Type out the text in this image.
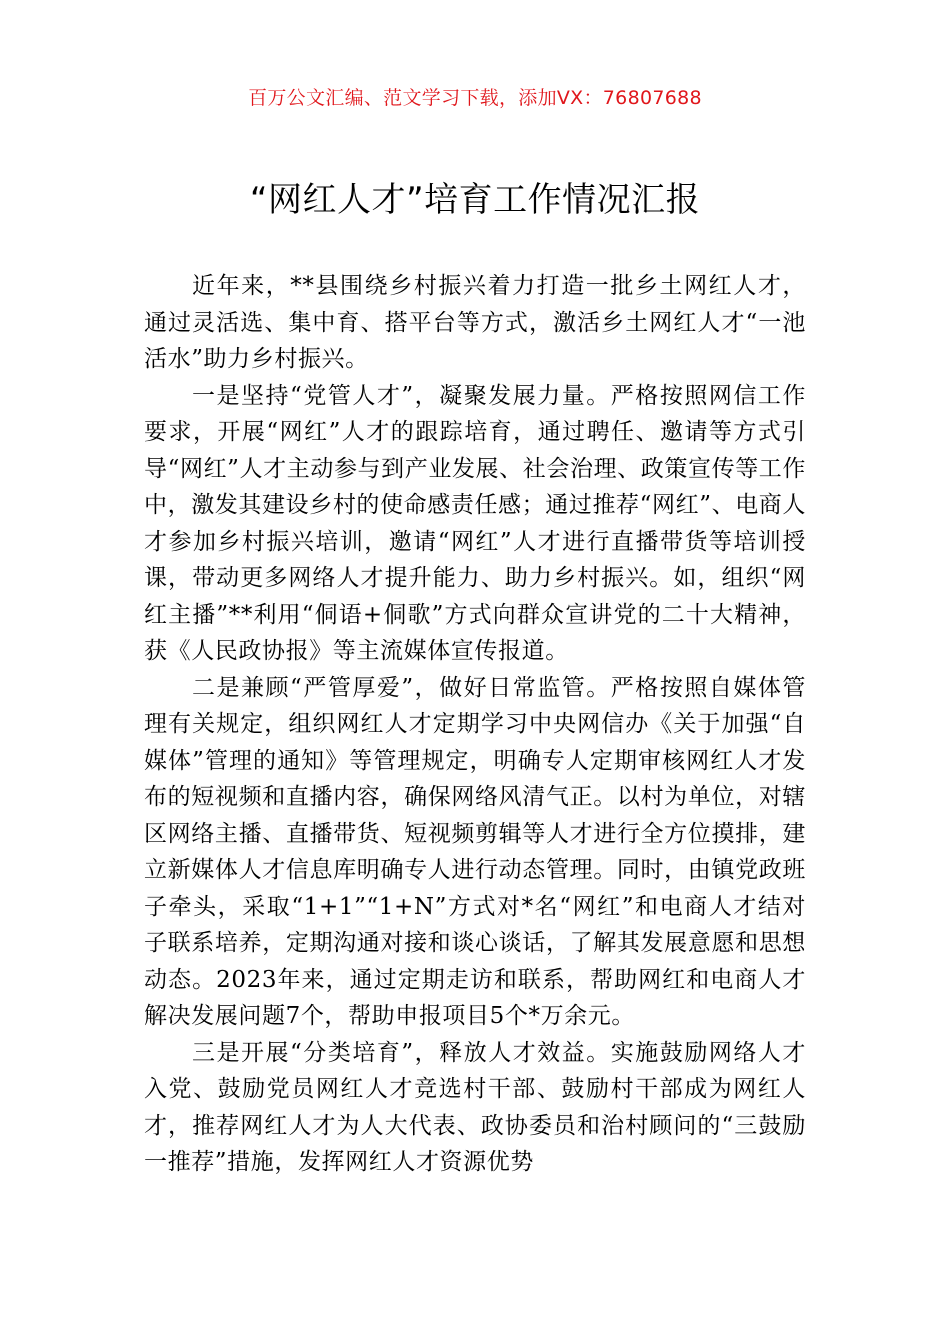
百万公文汇编、范文学习下载，添加VX：76807688
“网红人才”培育工作情况汇报

近年来，**县围绕乡村振兴着力打造一批乡土网红人才，通过灵活选、集中育、搭平台等方式，激活乡土网红人才“一池活水”助力乡村振兴。

一是坚持“党管人才”，凝聚发展力量。严格按照网信工作要求，开展“网红”人才的跟踪培育，通过聘任、邀请等方式引导“网红”人才主动参与到产业发展、社会治理、政策宣传等工作中，激发其建设乡村的使命感责任感；通过推荐“网红”、电商人才参加乡村振兴培训，邀请“网红”人才进行直播带货等培训授课，带动更多网络人才提升能力、助力乡村振兴。如，组织“网红主播”**利用“侗语+侗歌”方式向群众宣讲党的二十大精神，获《人民政协报》等主流媒体宣传报道。

二是兼顾“严管厚爱”，做好日常监管。严格按照自媒体管理有关规定，组织网红人才定期学习中央网信办《关于加强“自媒体”管理的通知》等管理规定，明确专人定期审核网红人才发布的短视频和直播内容，确保网络风清气正。以村为单位，对辖区网络主播、直播带货、短视频剪辑等人才进行全方位摸排，建立新媒体人才信息库明确专人进行动态管理。同时，由镇党政班子牵头，采取“1+1”“1+N”方式对*名“网红”和电商人才结对子联系培养，定期沟通对接和谈心谈话，了解其发展意愿和思想动态。2023年来，通过定期走访和联系，帮助网红和电商人才解决发展问题7个，帮助申报项目5个*万余元。

三是开展“分类培育”，释放人才效益。实施鼓励网络人才入党、鼓励党员网红人才竞选村干部、鼓励村干部成为网红人才，推荐网红人才为人大代表、政协委员和治村顾问的“三鼓励一推荐”措施，发挥网红人才资源优势
